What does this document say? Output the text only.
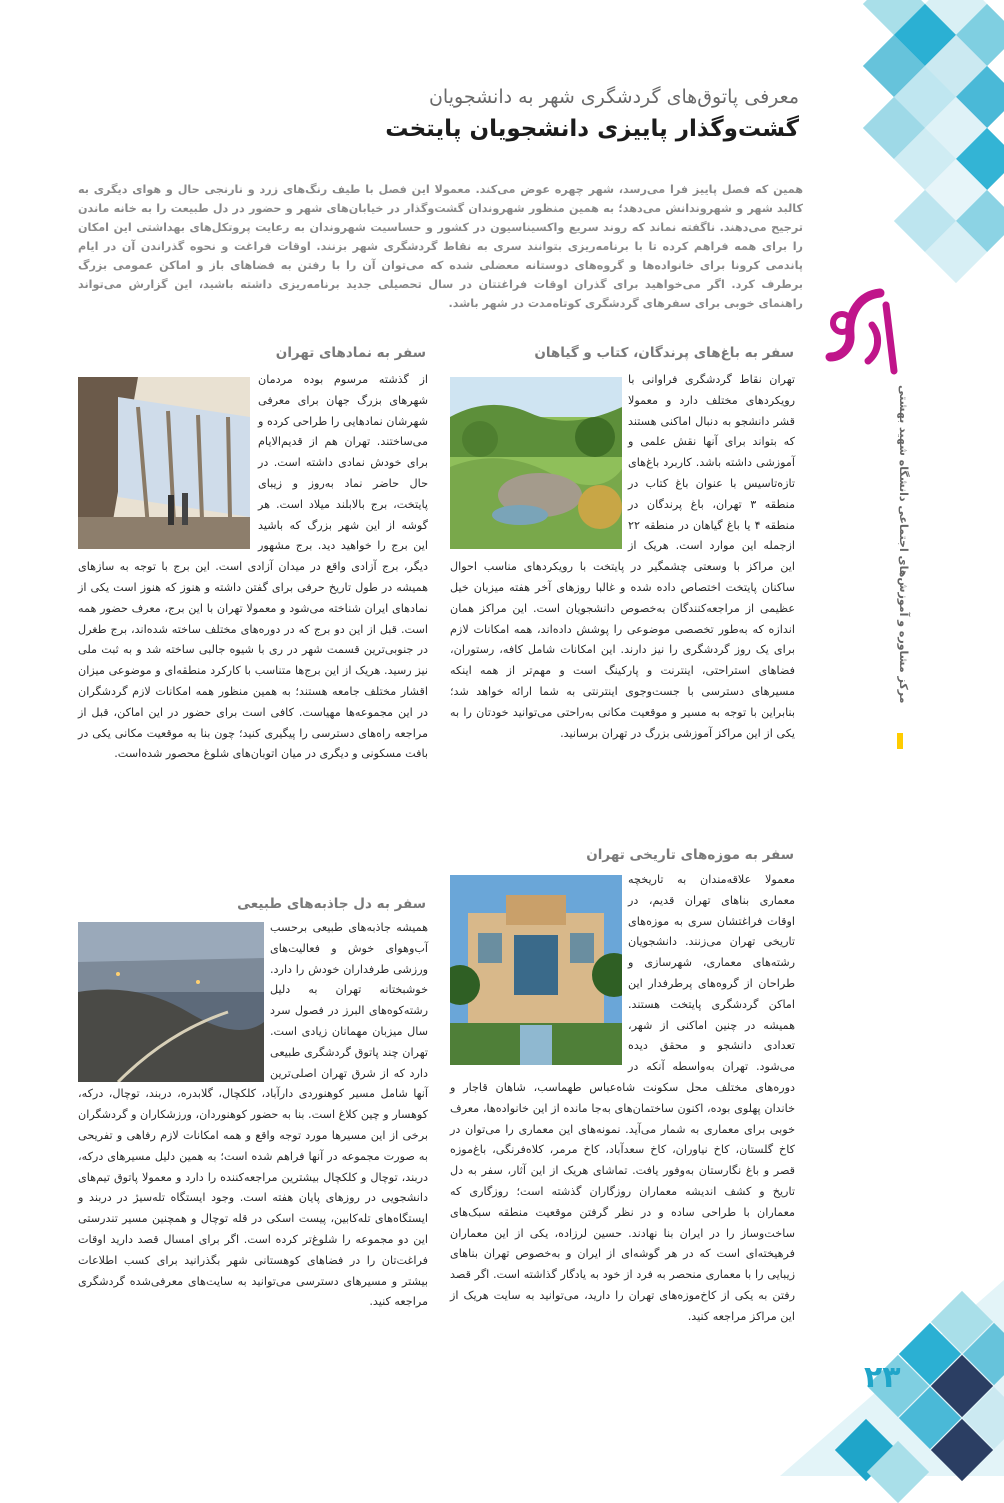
مرکز مشاوره و آموزش‌های اجتماعی دانشگاه شهید بهشتی
معرفی پاتوق‌های گردشگری شهر به دانشجویان
گشت‌وگذار پاییزی دانشجویان پایتخت
همین که فصل پاییز فرا می‌رسد، شهر چهره عوض می‌کند. معمولا این فصل با طیف رنگ‌های زرد و نارنجی حال و هوای دیگری به کالبد شهر و شهروندانش می‌دهد؛ به همین منظور شهروندان گشت‌وگذار در خیابان‌های شهر و حضور در دل طبیعت را به خانه ماندن ترجیح می‌دهند. ناگفته نماند که روند سریع واکسیناسیون در کشور و حساسیت شهروندان به رعایت پروتکل‌های بهداشتی این امکان را برای همه فراهم کرده تا با برنامه‌ریزی بتوانند سری به نقاط گردشگری شهر بزنند. اوقات فراغت و نحوه گذراندن آن در ایام پاندمی کرونا برای خانواده‌ها و گروه‌های دوستانه معضلی شده که می‌توان آن را با رفتن به فضاهای باز و اماکن عمومی بزرگ برطرف کرد. اگر می‌خواهید برای گذران اوقات فراغتتان در سال تحصیلی جدید برنامه‌ریزی داشته باشید، این گزارش می‌تواند راهنمای خوبی برای سفرهای گردشگری کوتاه‌مدت در شهر باشد.
سفر به باغ‌های پرندگان، کتاب و گیاهان

تهران نقاط گردشگری فراوانی با رویکردهای مختلف دارد و معمولا قشر دانشجو به دنبال اماکنی هستند که بتواند برای آنها نقش علمی و آموزشی داشته باشد. کاربرد باغ‌های تازه‌تاسیس با عنوان باغ کتاب در منطقه ۳ تهران، باغ پرندگان در منطقه ۴ یا باغ گیاهان در منطقه ۲۲ ازجمله این موارد است. هریک از این مراکز با وسعتی چشمگیر در پایتخت با رویکردهای مناسب احوال ساکنان پایتخت اختصاص داده شده و غالبا روزهای آخر هفته میزبان خیل عظیمی از مراجعه‌کنندگان به‌خصوص دانشجویان است. این مراکز همان اندازه که به‌طور تخصصی موضوعی را پوشش داده‌اند، همه امکانات لازم برای یک روز گردشگری را نیز دارند. این امکانات شامل کافه، رستوران، فضاهای استراحتی، اینترنت و پارکینگ است و مهم‌تر از همه اینکه مسیرهای دسترسی با جست‌وجوی اینترنتی به شما ارائه خواهد شد؛ بنابراین با توجه به مسیر و موقعیت مکانی به‌راحتی می‌توانید خودتان را به یکی از این مراکز آموزشی بزرگ در تهران برسانید.

سفر به موزه‌های تاریخی تهران

معمولا علاقه‌مندان به تاریخچه معماری بناهای تهران قدیم، در اوقات فراغتشان سری به موزه‌های تاریخی تهران می‌زنند. دانشجویان رشته‌های معماری، شهرسازی و طراحان از گروه‌های پرطرفدار این اماکن گردشگری پایتخت هستند. همیشه در چنین اماکنی از شهر، تعدادی دانشجو و محقق دیده می‌شود. تهران به‌واسطه آنکه در دوره‌های مختلف محل سکونت شاه‌عباس طهماسب، شاهان قاجار و خاندان پهلوی بوده، اکنون ساختمان‌های به‌جا مانده از این خانواده‌ها، معرف خوبی برای معماری به شمار می‌آید. نمونه‌های این معماری را می‌توان در کاخ گلستان، کاخ نیاوران، کاخ سعدآباد، کاخ مرمر، کلاه‌فرنگی، باغ‌موزه قصر و باغ نگارستان به‌وفور یافت. تماشای هریک از این آثار، سفر به دل تاریخ و کشف اندیشه معماران روزگاران گذشته است؛ روزگاری که معماران با طراحی ساده و در نظر گرفتن موقعیت منطقه سبک‌های ساخت‌وساز را در ایران بنا نهادند. حسین لرزاده، یکی از این معماران فرهیخته‌ای است که در هر گوشه‌ای از ایران و به‌خصوص تهران بناهای زیبایی را با معماری منحصر به فرد از خود به یادگار گذاشته است. اگر قصد رفتن به یکی از کاخ‌موزه‌های تهران را دارید، می‌توانید به سایت هریک از این مراکز مراجعه کنید.

سفر به نمادهای تهران

از گذشته مرسوم بوده مردمان شهرهای بزرگ جهان برای معرفی شهرشان نمادهایی را طراحی کرده و می‌ساختند. تهران هم از قدیم‌الایام برای خودش نمادی داشته است. در حال حاضر نماد به‌روز و زیبای پایتخت، برج بالابلند میلاد است. هر گوشه از این شهر بزرگ که باشید این برج را خواهید دید. برج مشهور دیگر، برج آزادی واقع در میدان آزادی است. این برج با توجه به سازهای همیشه در طول تاریخ حرفی برای گفتن داشته و هنوز که هنوز است یکی از نمادهای ایران شناخته می‌شود و معمولا تهران با این برج، معرف حضور همه است. قبل از این دو برج که در دوره‌های مختلف ساخته شده‌اند، برج طغرل در جنوبی‌ترین قسمت شهر در ری با شیوه جالبی ساخته شد و به ثبت ملی نیز رسید. هریک از این برج‌ها متناسب با کارکرد منطقه‌ای و موضوعی میزان اقشار مختلف جامعه هستند؛ به همین منظور همه امکانات لازم گردشگران در این مجموعه‌ها مهیاست. کافی است برای حضور در این اماکن، قبل از مراجعه راه‌های دسترسی را پیگیری کنید؛ چون بنا به موقعیت مکانی یکی در بافت مسکونی و دیگری در میان اتوبان‌های شلوغ محصور شده‌است.

سفر به دل جاذبه‌های طبیعی

همیشه جاذبه‌های طبیعی برحسب آب‌وهوای خوش و فعالیت‌های ورزشی طرفداران خودش را دارد. خوشبختانه تهران به دلیل رشته‌کوه‌های البرز در فصول سرد سال میزبان مهمانان زیادی است. تهران چند پاتوق گردشگری طبیعی دارد که از شرق تهران اصلی‌ترین آنها شامل مسیر کوهنوردی دارآباد، کلکچال، گلابدره، دربند، توچال، درکه، کوهسار و چین کلاغ است. بنا به حضور کوهنوردان، ورزشکاران و گردشگران برخی از این مسیرها مورد توجه واقع و همه امکانات لازم رفاهی و تفریحی به صورت مجموعه در آنها فراهم شده است؛ به همین دلیل مسیرهای درکه، دربند، توچال و کلکچال بیشترین مراجعه‌کننده را دارد و معمولا پاتوق تیم‌های دانشجویی در روزهای پایان هفته است. وجود ایستگاه تله‌سیژ در دربند و ایستگاه‌های تله‌کابین، پیست اسکی در قله توچال و همچنین مسیر تندرستی این دو مجموعه را شلوغ‌تر کرده است. اگر برای امسال قصد دارید اوقات فراغت‌تان را در فضاهای کوهستانی شهر بگذرانید برای کسب اطلاعات بیشتر و مسیرهای دسترسی می‌توانید به سایت‌های معرفی‌شده گردشگری مراجعه کنید.

۲۳
